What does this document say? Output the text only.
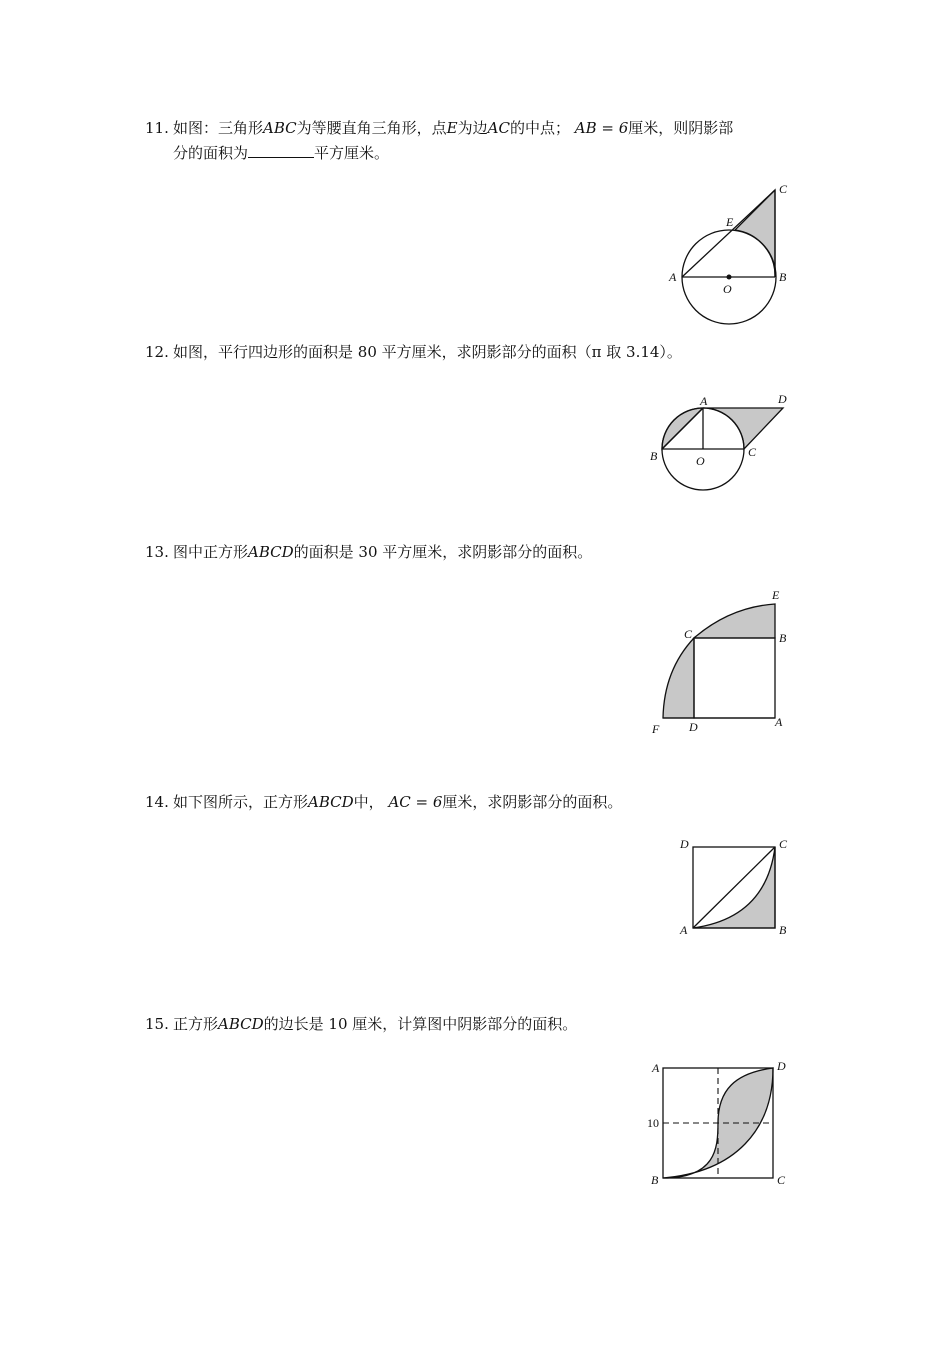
11. 如图：三角形ABC为等腰直角三角形，点E为边AC的中点； AB = 6厘米，则阴影部
分的面积为	平方厘米。
A	B
C
E
O
12. 如图，平行四边形的面积是 80 平方厘米，求阴影部分的面积（π 取 3.14）。
A
B	C
D
O
13. 图中正方形ABCD的面积是 30 平方厘米，求阴影部分的面积。
A
B
C
D
E
F
14. 如下图所示，正方形ABCD中， AC = 6厘米，求阴影部分的面积。
A	B
C
D
15. 正方形ABCD的边长是 10 厘米，计算图中阴影部分的面积。
A
B	C
D
10
